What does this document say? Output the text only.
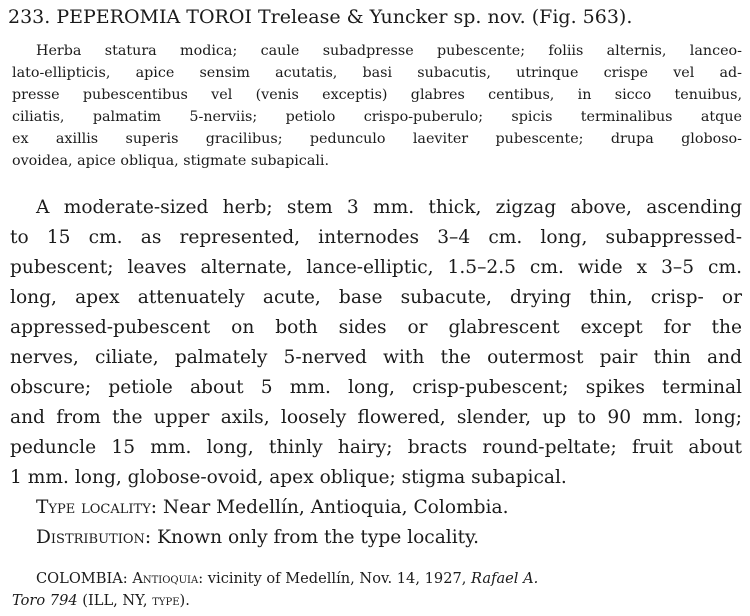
233. PEPEROMIA TOROI Trelease & Yuncker sp. nov. (Fig. 563).
Herba statura modica; caule subadpresse pubescente; foliis alternis, lanceo-
lato-ellipticis, apice sensim acutatis, basi subacutis, utrinque crispe vel ad-
presse pubescentibus vel (venis exceptis) glabres centibus, in sicco tenuibus,
ciliatis, palmatim 5-nerviis; petiolo crispo-puberulo; spicis terminalibus atque
ex axillis superis gracilibus; pedunculo laeviter pubescente; drupa globoso-
ovoidea, apice obliqua, stigmate subapicali.
A moderate-sized herb; stem 3 mm. thick, zigzag above, ascending
to 15 cm. as represented, internodes 3–4 cm. long, subappressed-
pubescent; leaves alternate, lance-elliptic, 1.5–2.5 cm. wide x 3–5 cm.
long, apex attenuately acute, base subacute, drying thin, crisp- or
appressed-pubescent on both sides or glabrescent except for the
nerves, ciliate, palmately 5-nerved with the outermost pair thin and
obscure; petiole about 5 mm. long, crisp-pubescent; spikes terminal
and from the upper axils, loosely flowered, slender, up to 90 mm. long;
peduncle 15 mm. long, thinly hairy; bracts round-peltate; fruit about
1 mm. long, globose-ovoid, apex oblique; stigma subapical.
Type locality: Near Medellín, Antioquia, Colombia.
Distribution: Known only from the type locality.
COLOMBIA: Antioquia: vicinity of Medellín, Nov. 14, 1927, Rafael A.
Toro 794 (ILL, NY, type).
